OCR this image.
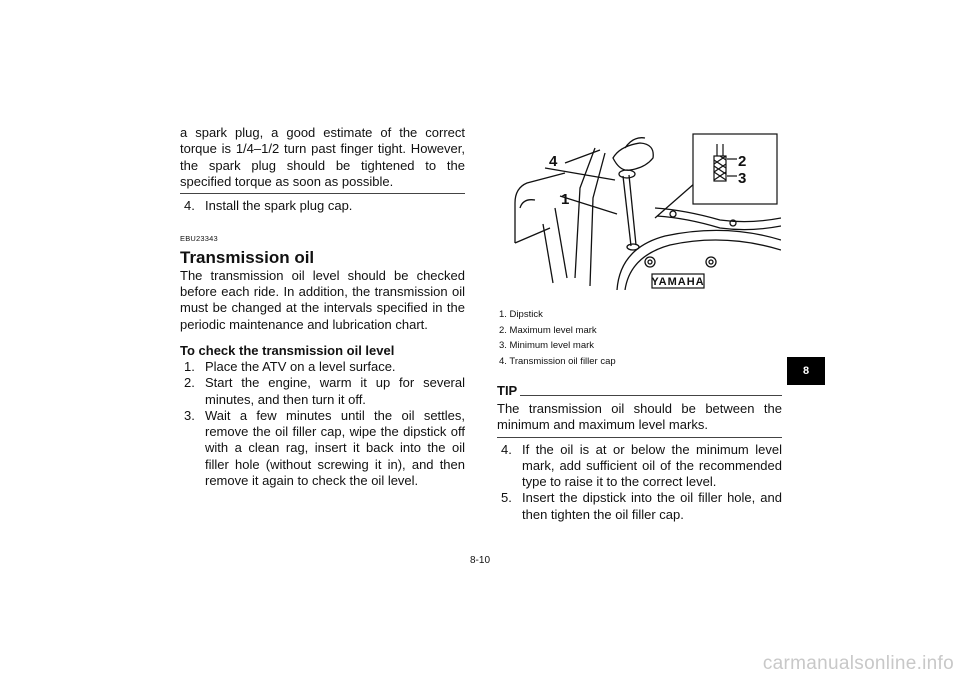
a spark plug, a good estimate of the correct torque is 1/4–1/2 turn past finger tight. However, the spark plug should be tightened to the specified torque as soon as possible.

4. Install the spark plug cap.
EBU23343
Transmission oil

The transmission oil level should be checked before each ride. In addition, the transmission oil must be changed at the intervals specified in the periodic maintenance and lubrication chart.

To check the transmission oil level
1. Place the ATV on a level surface.
2. Start the engine, warm it up for several minutes, and then turn it off.
3. Wait a few minutes until the oil settles, remove the oil filler cap, wipe the dipstick off with a clean rag, insert it back into the oil filler hole (without screwing it in), and then remove it again to check the oil level.
YAMAHA
4
1
2
3
1. Dipstick
2. Maximum level mark
3. Minimum level mark
4. Transmission oil filler cap
TIP

The transmission oil should be between the minimum and maximum level marks.

4. If the oil is at or below the minimum level mark, add sufficient oil of the recommended type to raise it to the correct level.
5. Insert the dipstick into the oil filler hole, and then tighten the oil filler cap.
8-10
8
carmanualsonline.info
